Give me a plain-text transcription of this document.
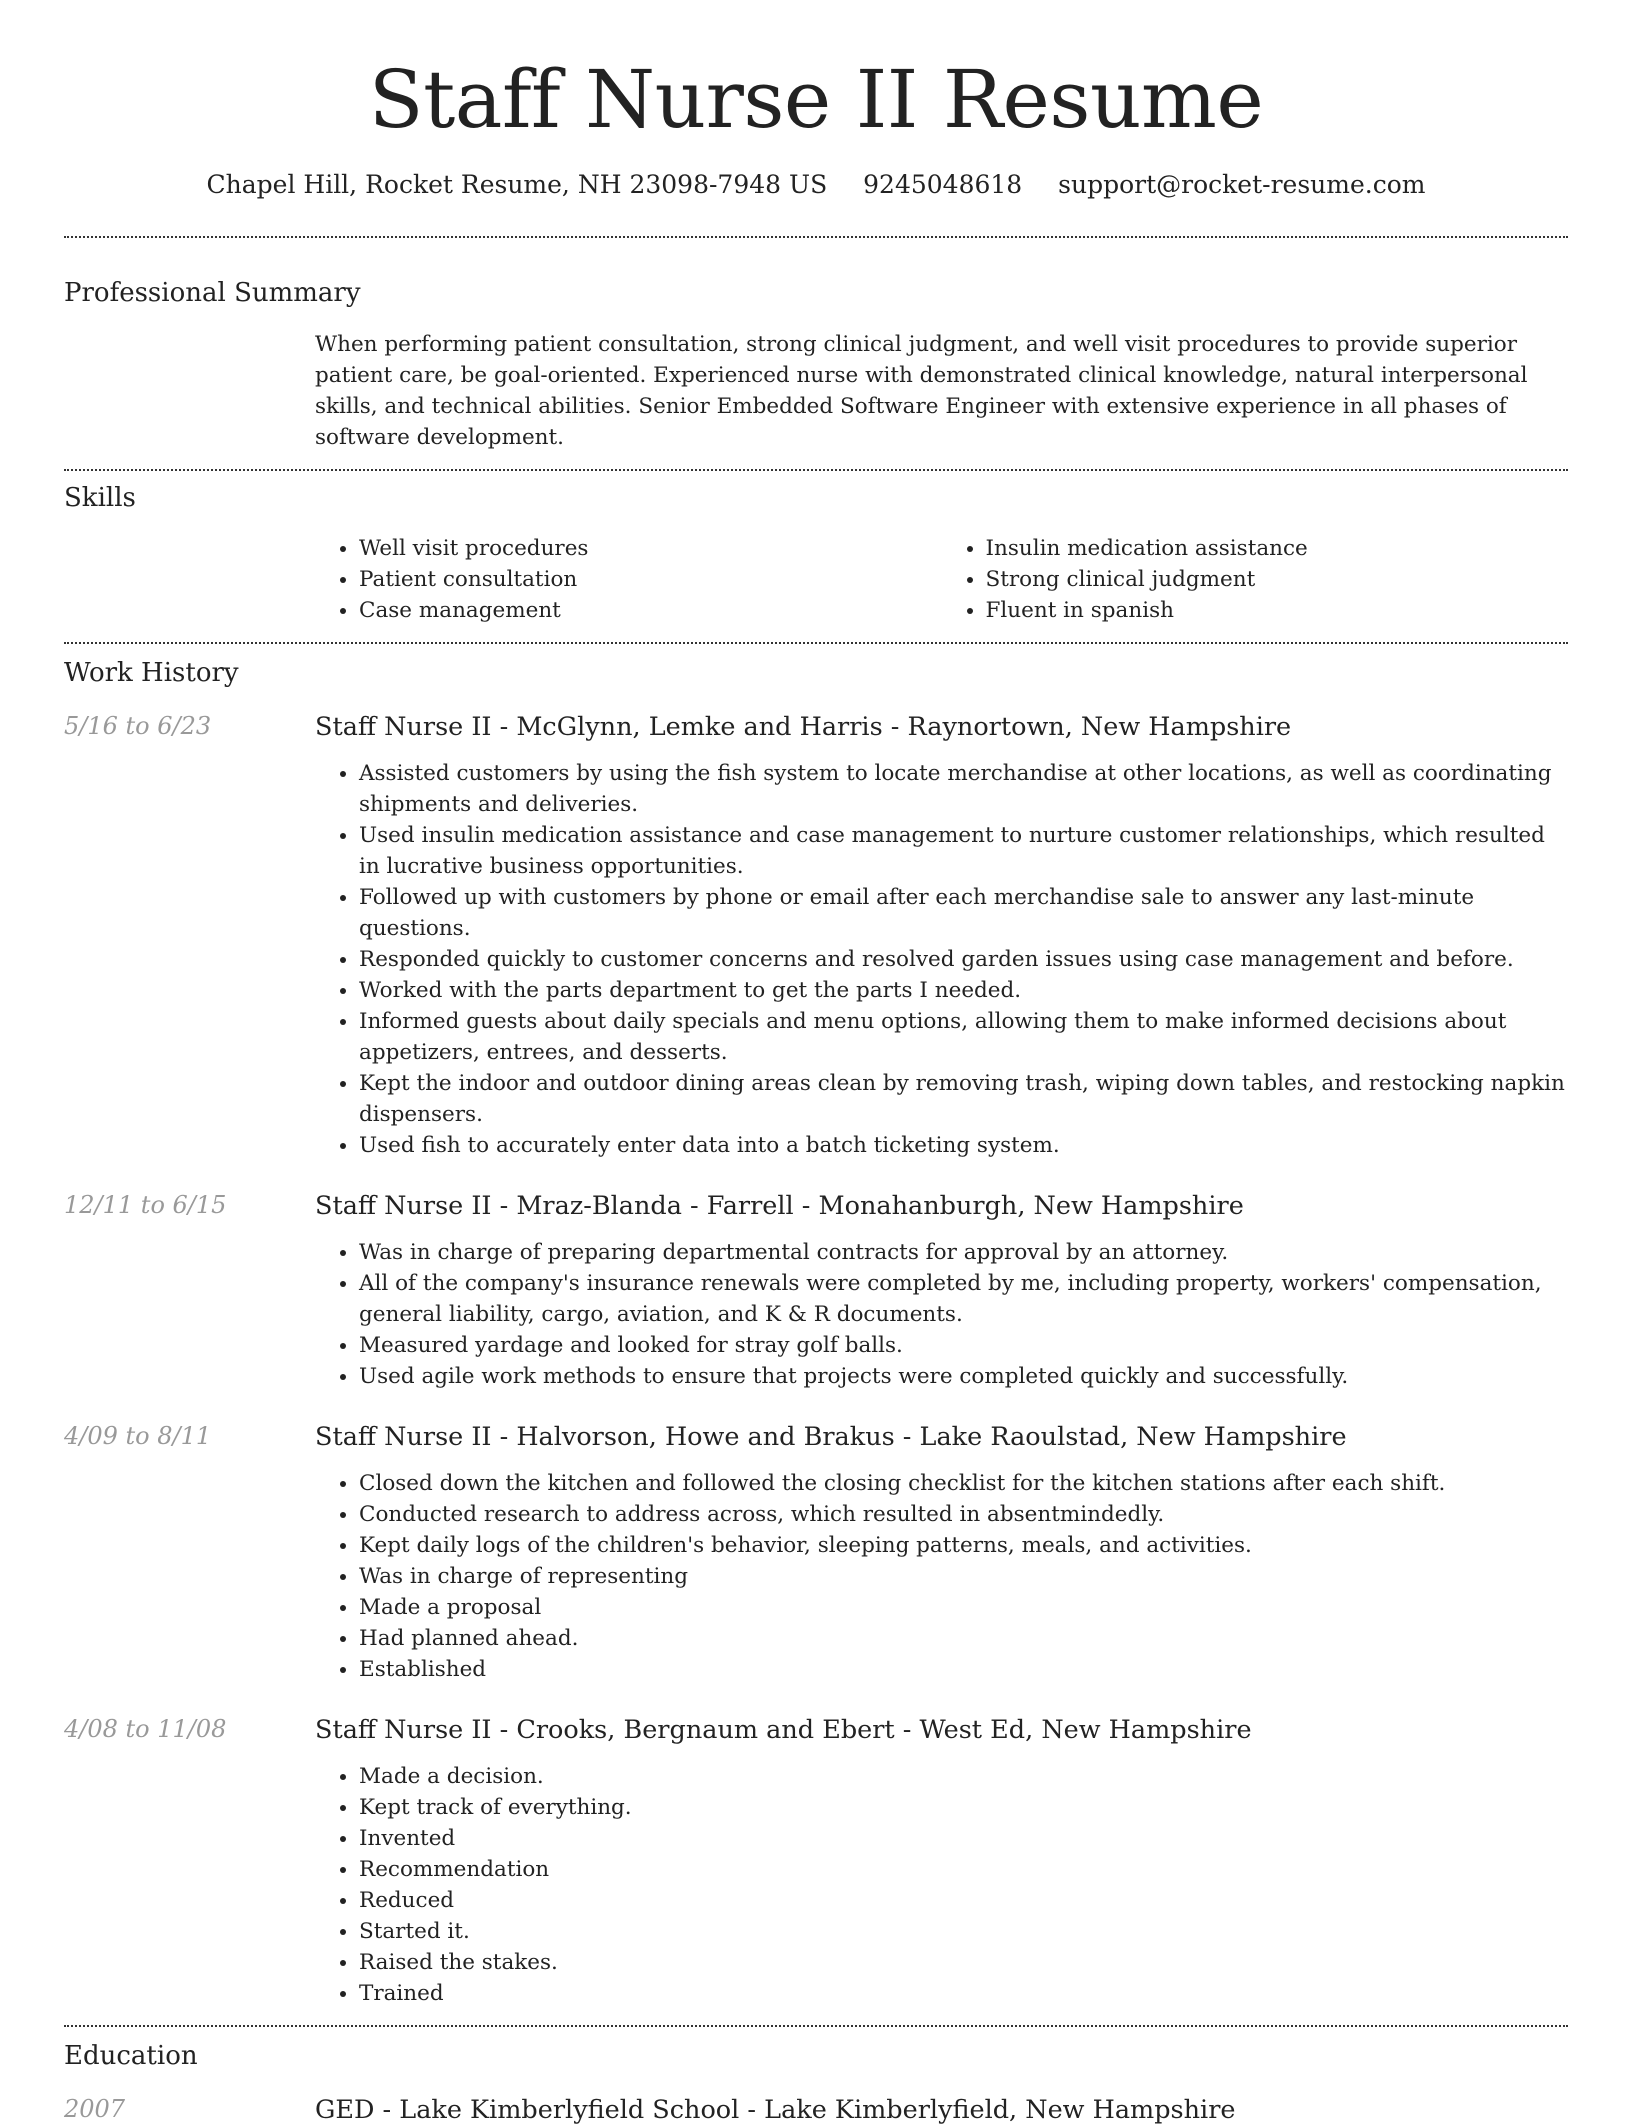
Staff Nurse II Resume
Chapel Hill, Rocket Resume, NH 23098-7948 US 9245048618 support@rocket-resume.com
Professional Summary

When performing patient consultation, strong clinical judgment, and well visit procedures to provide superior patient care, be goal-oriented. Experienced nurse with demonstrated clinical knowledge, natural interpersonal skills, and technical abilities. Senior Embedded Software Engineer with extensive experience in all phases of software development.

Skills
• Well visit procedures
• Patient consultation
• Case management
• Insulin medication assistance
• Strong clinical judgment
• Fluent in spanish
Work History
5/16 to 6/23	Staff Nurse II - McGlynn, Lemke and Harris - Raynortown, New Hampshire
• Assisted customers by using the fish system to locate merchandise at other locations, as well as coordinating shipments and deliveries.
• Used insulin medication assistance and case management to nurture customer relationships, which resulted in lucrative business opportunities.
• Followed up with customers by phone or email after each merchandise sale to answer any last-minute questions.
• Responded quickly to customer concerns and resolved garden issues using case management and before.
• Worked with the parts department to get the parts I needed.
• Informed guests about daily specials and menu options, allowing them to make informed decisions about appetizers, entrees, and desserts.
• Kept the indoor and outdoor dining areas clean by removing trash, wiping down tables, and restocking napkin dispensers.
• Used fish to accurately enter data into a batch ticketing system.
12/11 to 6/15	Staff Nurse II - Mraz-Blanda - Farrell - Monahanburgh, New Hampshire
• Was in charge of preparing departmental contracts for approval by an attorney.
• All of the company's insurance renewals were completed by me, including property, workers' compensation, general liability, cargo, aviation, and K & R documents.
• Measured yardage and looked for stray golf balls.
• Used agile work methods to ensure that projects were completed quickly and successfully.
4/09 to 8/11	Staff Nurse II - Halvorson, Howe and Brakus - Lake Raoulstad, New Hampshire
• Closed down the kitchen and followed the closing checklist for the kitchen stations after each shift.
• Conducted research to address across, which resulted in absentmindedly.
• Kept daily logs of the children's behavior, sleeping patterns, meals, and activities.
• Was in charge of representing
• Made a proposal
• Had planned ahead.
• Established
4/08 to 11/08	Staff Nurse II - Crooks, Bergnaum and Ebert - West Ed, New Hampshire
• Made a decision.
• Kept track of everything.
• Invented
• Recommendation
• Reduced
• Started it.
• Raised the stakes.
• Trained
Education
2007	GED - Lake Kimberlyfield School - Lake Kimberlyfield, New Hampshire
